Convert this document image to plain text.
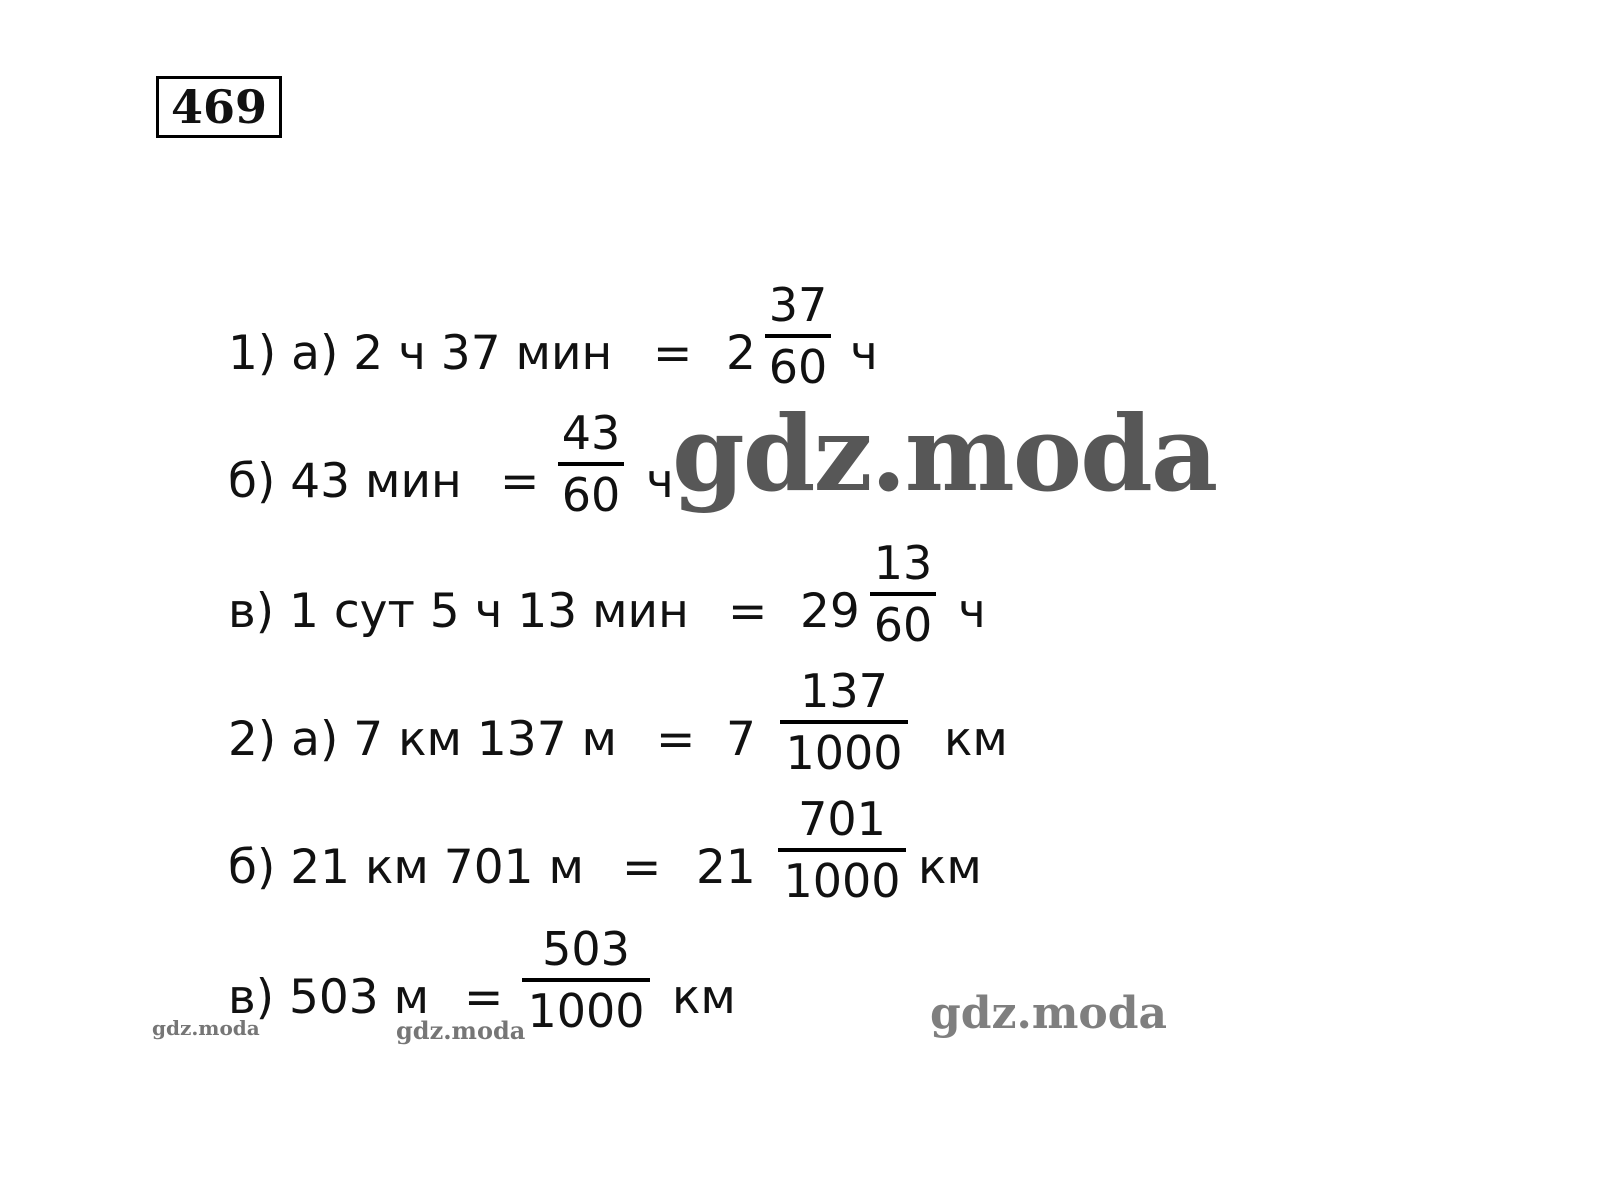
469
1) а) 2 ч 37 мин = 2 ч
37
60
б) 43 мин = ч
43
60
в) 1 сут 5 ч 13 мин = 29 ч
13
60
2) а) 7 км 137 м = 7	км
137
1000
б) 21 км 701 м = 21	км
701
1000
в) 503 м =	км
503
1000
gdz.moda
gdz.moda
gdz.moda	gdz.moda
